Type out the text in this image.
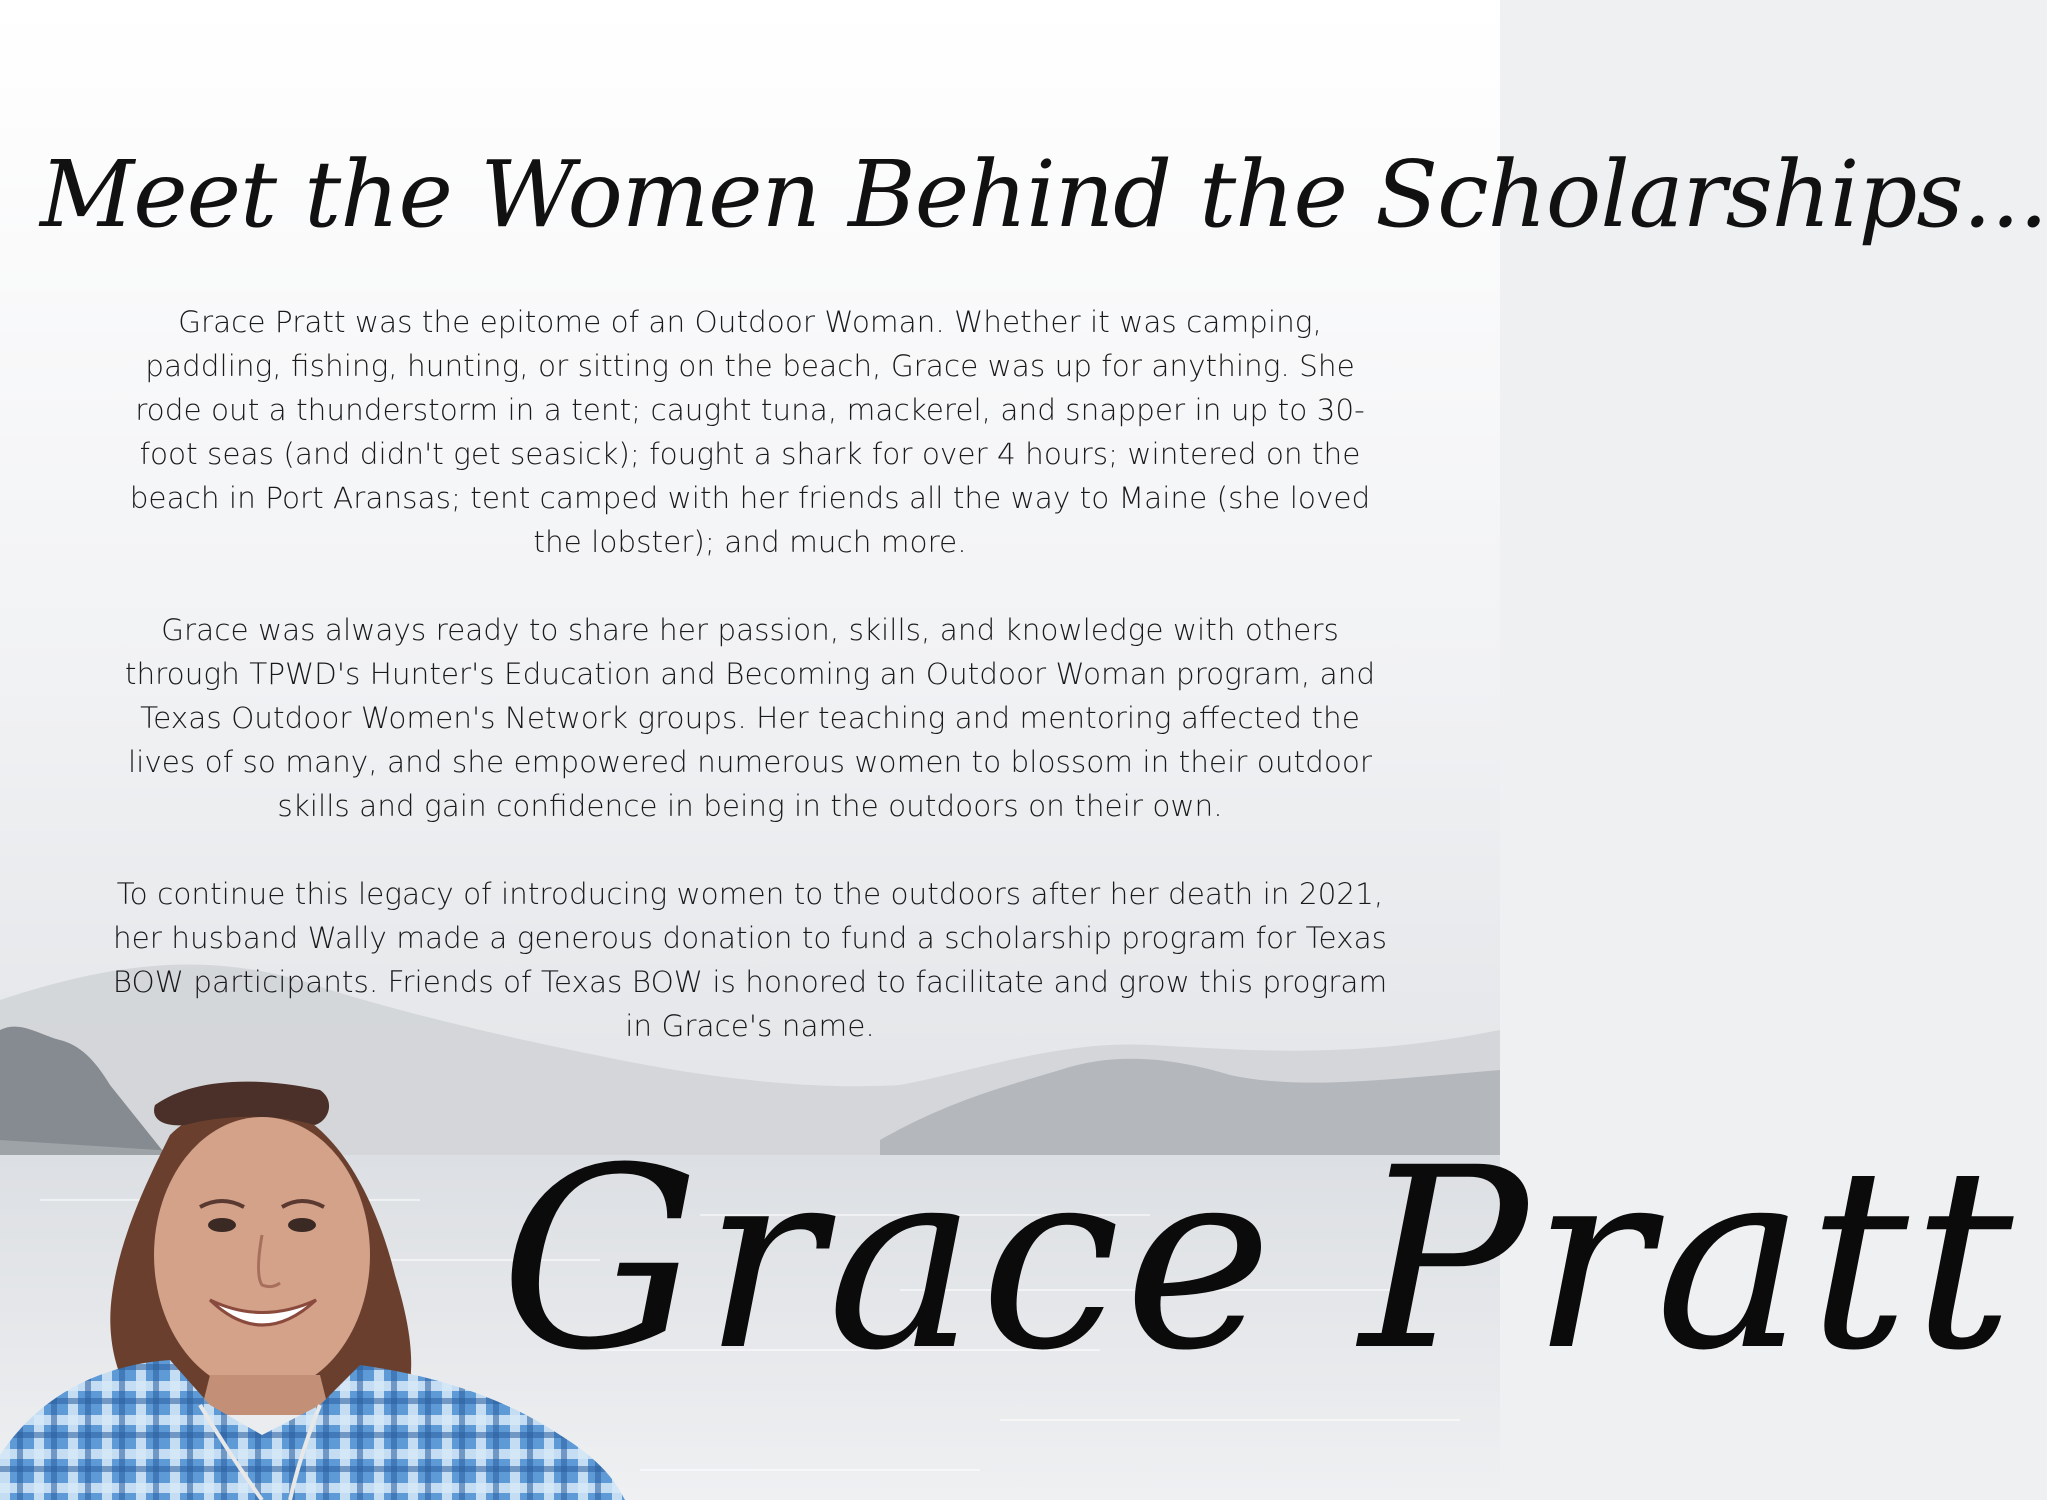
Meet the Women Behind the Scholarships...

Grace Pratt was the epitome of an Outdoor Woman. Whether it was camping, paddling, fishing, hunting, or sitting on the beach, Grace was up for anything. She rode out a thunderstorm in a tent; caught tuna, mackerel, and snapper in up to 30-foot seas (and didn't get seasick); fought a shark for over 4 hours; wintered on the beach in Port Aransas; tent camped with her friends all the way to Maine (she loved the lobster); and much more.

Grace was always ready to share her passion, skills, and knowledge with others through TPWD's Hunter's Education and Becoming an Outdoor Woman program, and Texas Outdoor Women's Network groups. Her teaching and mentoring affected the lives of so many, and she empowered numerous women to blossom in their outdoor skills and gain confidence in being in the outdoors on their own.

To continue this legacy of introducing women to the outdoors after her death in 2021, her husband Wally made a generous donation to fund a scholarship program for Texas BOW participants. Friends of Texas BOW is honored to facilitate and grow this program in Grace's name.

Grace Pratt
